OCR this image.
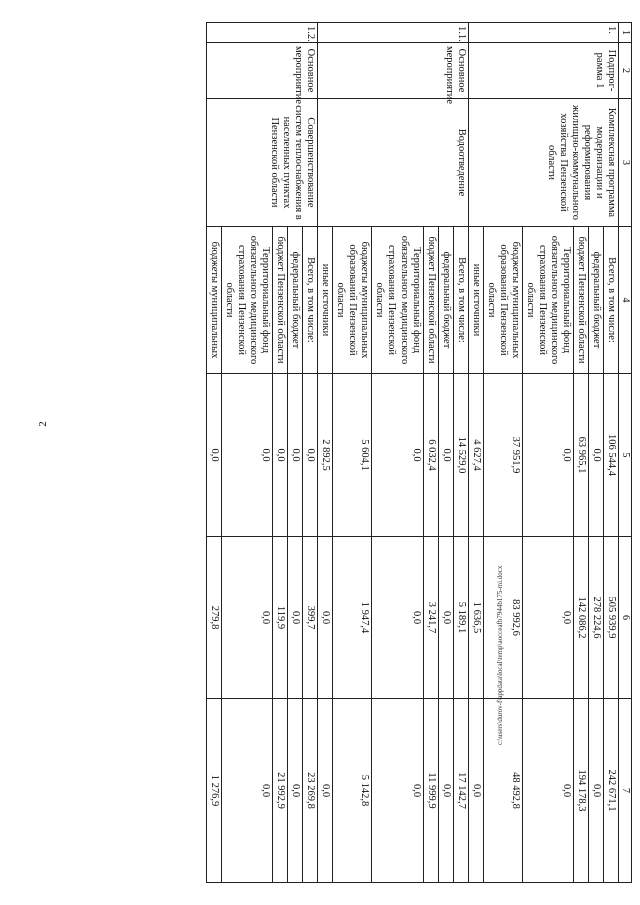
2
1	2	3	4	5	6	7
1.	Подпрог-рамма 1	Комплексная программа модернизации и реформирования жилищно-коммунального хозяйства Пензенской области	Всего, в том числе:	106 544,4	505 939,9	242 671,1
			федеральный бюджет	0,0	278 224,6	0,0
			бюджет Пензенской области	63 965,1	142 086,2	194 178,3
			Территориальный фонд обязательного медицинского страхования Пензенской области	0,0	0,0	0,0
			бюджеты муниципальных образований Пензенской области	37 951,9	83 992,6	48 492,8
			иные источники	4 627,4	1 636,5	0,0
1.1.	Основное мероприятие	Водоотведение	Всего, в том числе:	14 529,0	5 189,1	17 142,7
			федеральный бюджет	0,0	0,0	0,0
			бюджет Пензенской области	6 032,4	3 241,7	11 999,9
			Территориальный фонд обязательного медицинского страхования Пензенской области	0,0	0,0	0,0
			бюджеты муниципальных образований Пензенской области	5 604,1	1 947,4	5 142,8
			иные источники	2 892,5	0,0	0,0
1.2.	Основное мероприятие	Совершенствование систем теплоснабжения в населенных пунктах Пензенской области	Всего, в том числе:	0,0	399,7	23 269,8
			федеральный бюджет	0,0	0,0	0,0
			бюджет Пензенской области	0,0	119,9	21 992,9
			Территориальный фонд обязательного медицинского страхования Пензенской области	0,0	0,0	0,0
			бюджеты муниципальных	0,0	279,8	1 276,9
c:\users\durov-f\appdata\local\temp\aocceafb7944b175-mi.docx
